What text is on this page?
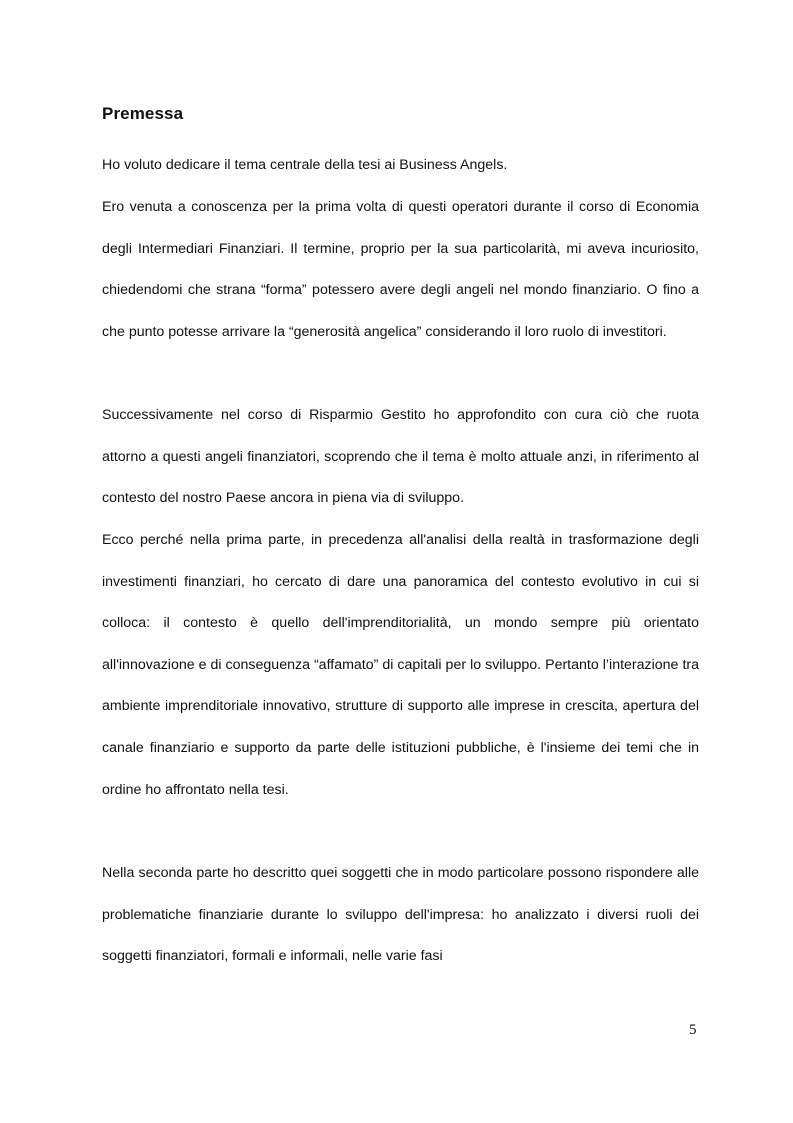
Premessa

Ho voluto dedicare il tema centrale della tesi ai Business Angels.

Ero venuta a conoscenza per la prima volta di questi operatori durante il corso di Economia degli Intermediari Finanziari. Il termine, proprio per la sua particolarità, mi aveva incuriosito, chiedendomi che strana “forma” potessero avere degli angeli nel mondo finanziario. O fino a che punto potesse arrivare la “generosità angelica” considerando il loro ruolo di investitori.

Successivamente nel corso di Risparmio Gestito ho approfondito con cura ciò che ruota attorno a questi angeli finanziatori, scoprendo che il tema è molto attuale anzi, in riferimento al contesto del nostro Paese ancora in piena via di sviluppo.

Ecco perché nella prima parte, in precedenza all'analisi della realtà in trasformazione degli investimenti finanziari, ho cercato di dare una panoramica del contesto evolutivo in cui si colloca: il contesto è quello dell'imprenditorialità, un mondo sempre più orientato all'innovazione e di conseguenza “affamato” di capitali per lo sviluppo. Pertanto l’interazione tra ambiente imprenditoriale innovativo, strutture di supporto alle imprese in crescita, apertura del canale finanziario e supporto da parte delle istituzioni pubbliche, è l'insieme dei temi che in ordine ho affrontato nella tesi.

Nella seconda parte ho descritto quei soggetti che in modo particolare possono rispondere alle problematiche finanziarie durante lo sviluppo dell'impresa: ho analizzato i diversi ruoli dei soggetti finanziatori, formali e informali, nelle varie fasi

5
